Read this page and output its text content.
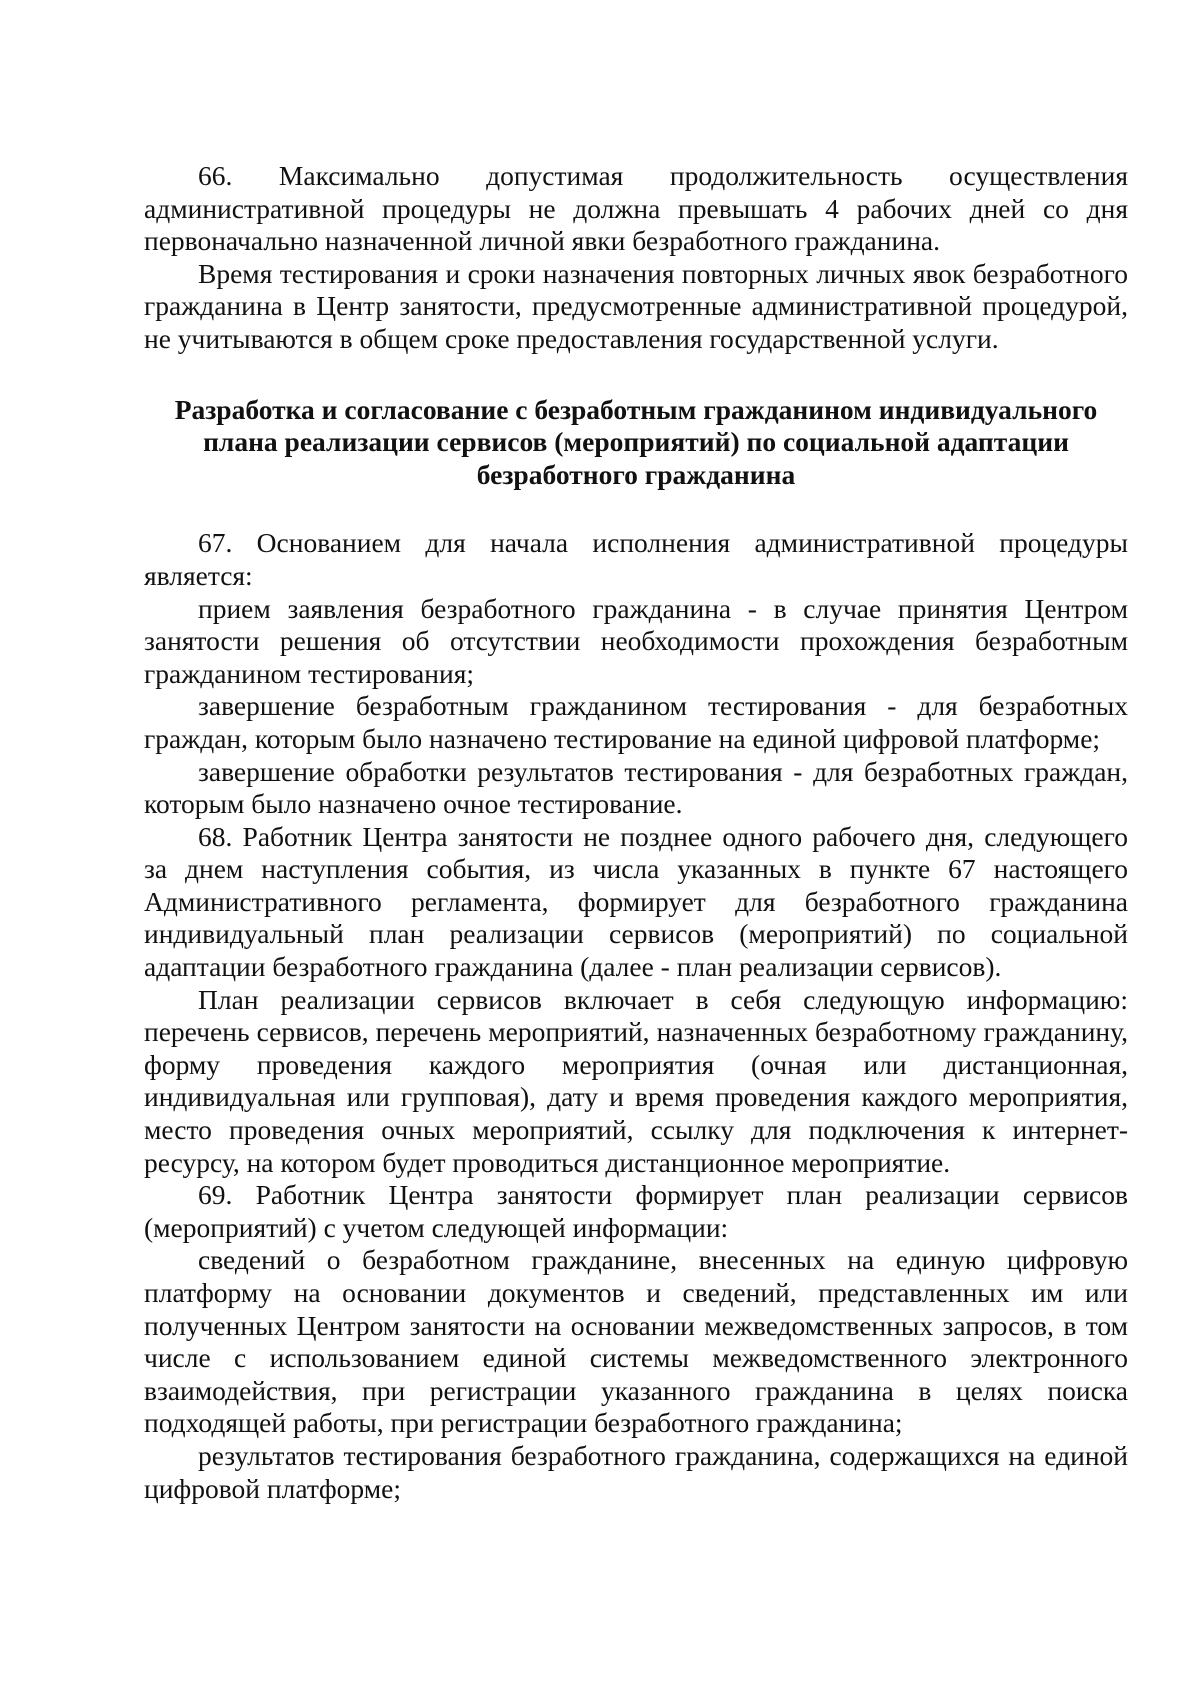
66. Максимально допустимая продолжительность осуществления административной процедуры не должна превышать 4 рабочих дней со дня первоначально назначенной личной явки безработного гражданина.

Время тестирования и сроки назначения повторных личных явок безработного гражданина в Центр занятости, предусмотренные административной процедурой, не учитываются в общем сроке предоставления государственной услуги.

Разработка и согласование с безработным гражданином индивидуального плана реализации сервисов (мероприятий) по социальной адаптации безработного гражданина

67. Основанием для начала исполнения административной процедуры является:

прием заявления безработного гражданина - в случае принятия Центром занятости решения об отсутствии необходимости прохождения безработным гражданином тестирования;

завершение безработным гражданином тестирования - для безработных граждан, которым было назначено тестирование на единой цифровой платформе;

завершение обработки результатов тестирования - для безработных граждан, которым было назначено очное тестирование.

68. Работник Центра занятости не позднее одного рабочего дня, следующего за днем наступления события, из числа указанных в пункте 67 настоящего Административного регламента, формирует для безработного гражданина индивидуальный план реализации сервисов (мероприятий) по социальной адаптации безработного гражданина (далее - план реализации сервисов).

План реализации сервисов включает в себя следующую информацию: перечень сервисов, перечень мероприятий, назначенных безработному гражданину, форму проведения каждого мероприятия (очная или дистанционная, индивидуальная или групповая), дату и время проведения каждого мероприятия, место проведения очных мероприятий, ссылку для подключения к интернет-ресурсу, на котором будет проводиться дистанционное мероприятие.

69. Работник Центра занятости формирует план реализации сервисов (мероприятий) с учетом следующей информации:

сведений о безработном гражданине, внесенных на единую цифровую платформу на основании документов и сведений, представленных им или полученных Центром занятости на основании межведомственных запросов, в том числе с использованием единой системы межведомственного электронного взаимодействия, при регистрации указанного гражданина в целях поиска подходящей работы, при регистрации безработного гражданина;

результатов тестирования безработного гражданина, содержащихся на единой цифровой платформе;
